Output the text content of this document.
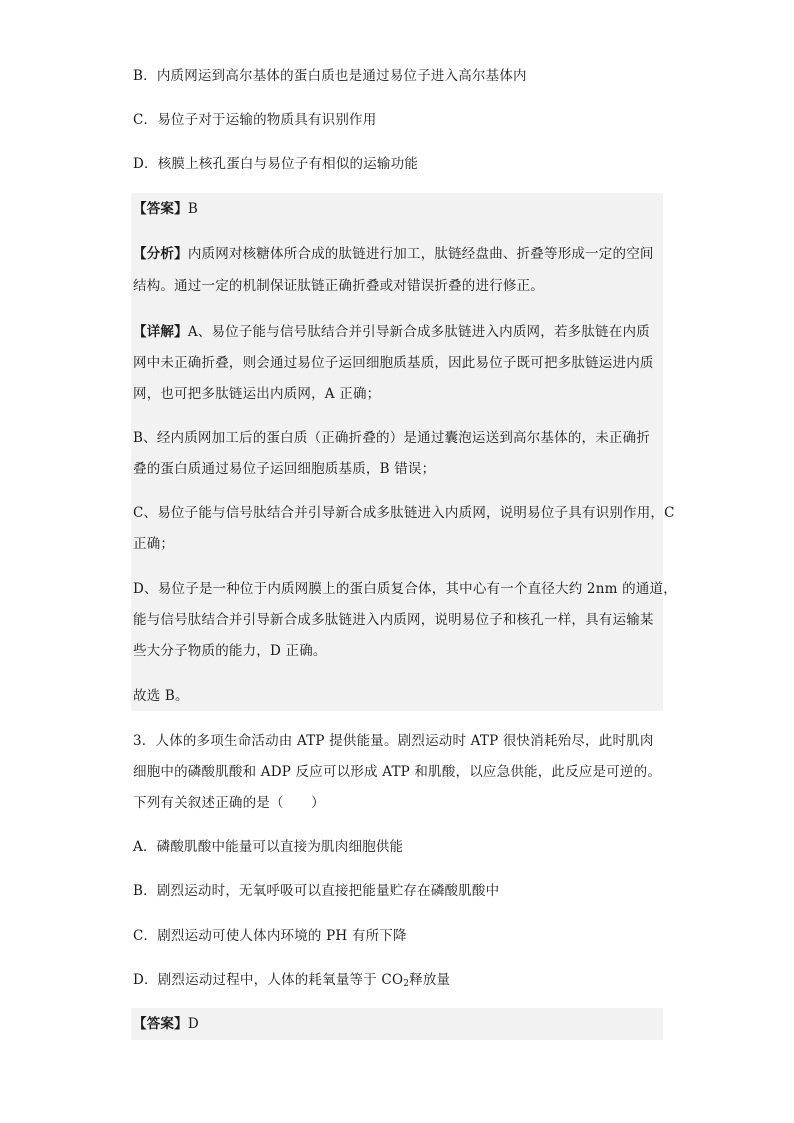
B．内质网运到高尔基体的蛋白质也是通过易位子进入高尔基体内
C．易位子对于运输的物质具有识别作用
D．核膜上核孔蛋白与易位子有相似的运输功能
【答案】B
【分析】内质网对核糖体所合成的肽链进行加工，肽链经盘曲、折叠等形成一定的空间
结构。通过一定的机制保证肽链正确折叠或对错误折叠的进行修正。
【详解】A、易位子能与信号肽结合并引导新合成多肽链进入内质网，若多肽链在内质
网中未正确折叠，则会通过易位子运回细胞质基质，因此易位子既可把多肽链运进内质
网，也可把多肽链运出内质网，A 正确；
B、经内质网加工后的蛋白质（正确折叠的）是通过囊泡运送到高尔基体的，未正确折
叠的蛋白质通过易位子运回细胞质基质，B 错误；
C、易位子能与信号肽结合并引导新合成多肽链进入内质网，说明易位子具有识别作用，C
正确；
D、易位子是一种位于内质网膜上的蛋白质复合体，其中心有一个直径大约 2nm 的通道，
能与信号肽结合并引导新合成多肽链进入内质网，说明易位子和核孔一样，具有运输某
些大分子物质的能力，D 正确。
故选 B。
3．人体的多项生命活动由 ATP 提供能量。剧烈运动时 ATP 很快消耗殆尽，此时肌肉
细胞中的磷酸肌酸和 ADP 反应可以形成 ATP 和肌酸，以应急供能，此反应是可逆的。
下列有关叙述正确的是（　　）
A．磷酸肌酸中能量可以直接为肌肉细胞供能
B．剧烈运动时，无氧呼吸可以直接把能量贮存在磷酸肌酸中
C．剧烈运动可使人体内环境的 PH 有所下降
D．剧烈运动过程中，人体的耗氧量等于 $CO_2$释放量
【答案】D
